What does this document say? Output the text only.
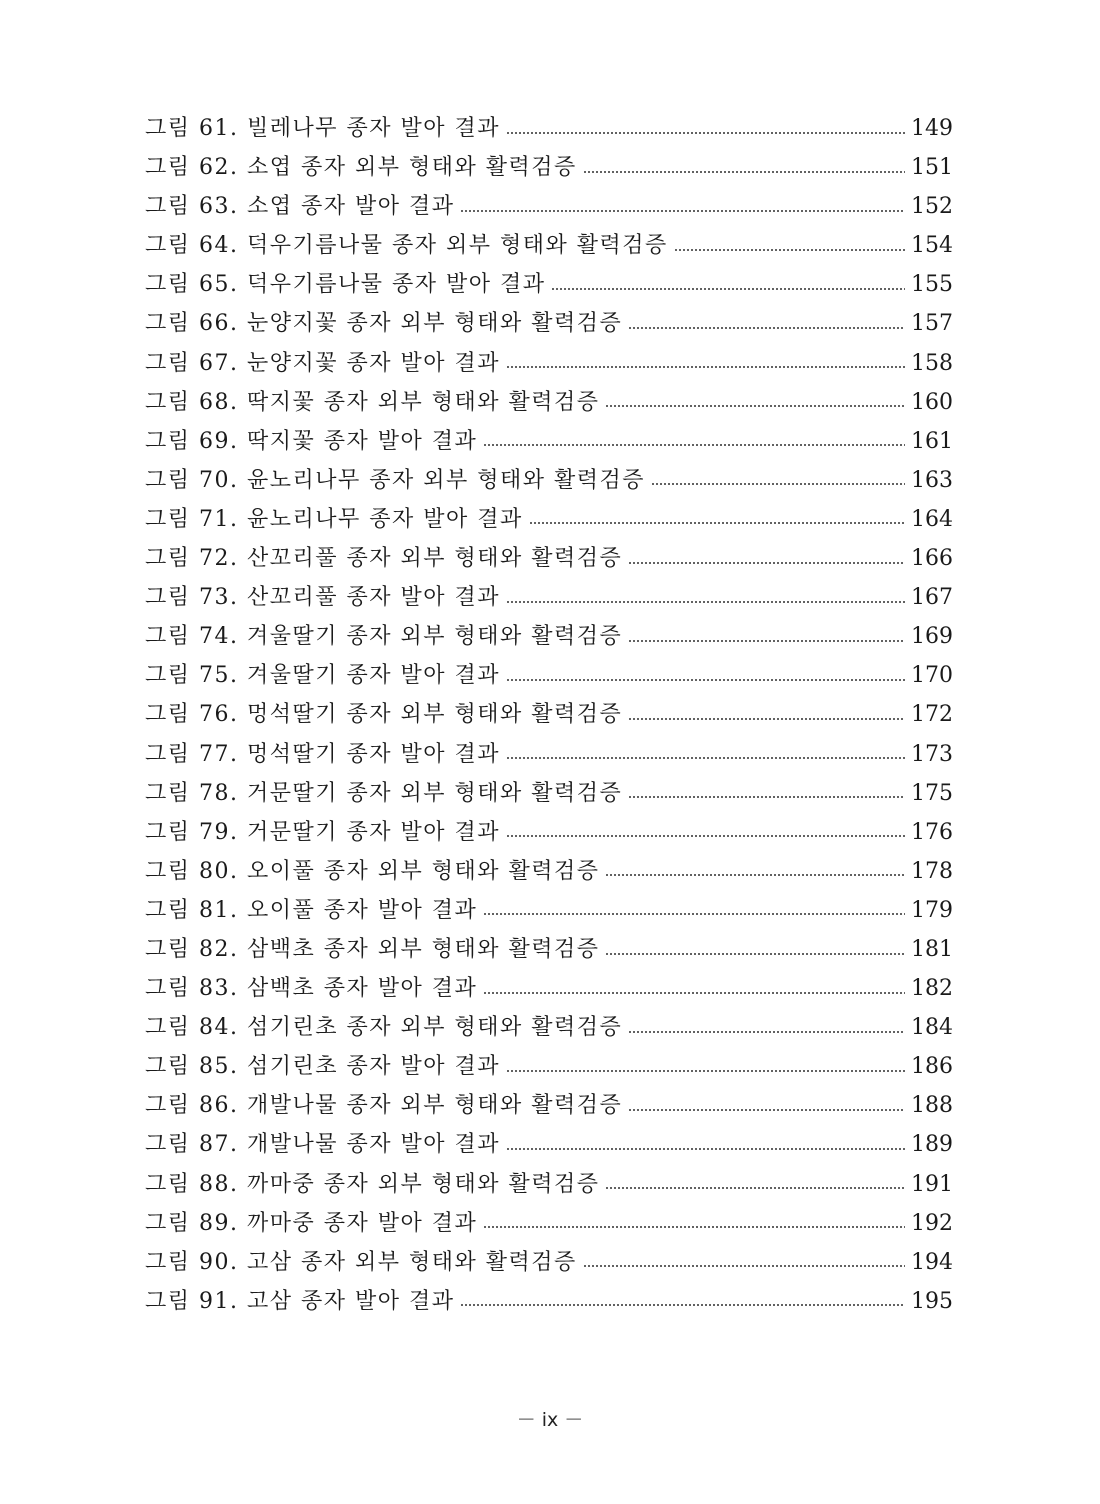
그림 61. 빌레나무 종자 발아 결과	149
그림 62. 소엽 종자 외부 형태와 활력검증	151
그림 63. 소엽 종자 발아 결과	152
그림 64. 덕우기름나물 종자 외부 형태와 활력검증	154
그림 65. 덕우기름나물 종자 발아 결과	155
그림 66. 눈양지꽃 종자 외부 형태와 활력검증	157
그림 67. 눈양지꽃 종자 발아 결과	158
그림 68. 딱지꽃 종자 외부 형태와 활력검증	160
그림 69. 딱지꽃 종자 발아 결과	161
그림 70. 윤노리나무 종자 외부 형태와 활력검증	163
그림 71. 윤노리나무 종자 발아 결과	164
그림 72. 산꼬리풀 종자 외부 형태와 활력검증	166
그림 73. 산꼬리풀 종자 발아 결과	167
그림 74. 겨울딸기 종자 외부 형태와 활력검증	169
그림 75. 겨울딸기 종자 발아 결과	170
그림 76. 멍석딸기 종자 외부 형태와 활력검증	172
그림 77. 멍석딸기 종자 발아 결과	173
그림 78. 거문딸기 종자 외부 형태와 활력검증	175
그림 79. 거문딸기 종자 발아 결과	176
그림 80. 오이풀 종자 외부 형태와 활력검증	178
그림 81. 오이풀 종자 발아 결과	179
그림 82. 삼백초 종자 외부 형태와 활력검증	181
그림 83. 삼백초 종자 발아 결과	182
그림 84. 섬기린초 종자 외부 형태와 활력검증	184
그림 85. 섬기린초 종자 발아 결과	186
그림 86. 개발나물 종자 외부 형태와 활력검증	188
그림 87. 개발나물 종자 발아 결과	189
그림 88. 까마중 종자 외부 형태와 활력검증	191
그림 89. 까마중 종자 발아 결과	192
그림 90. 고삼 종자 외부 형태와 활력검증	194
그림 91. 고삼 종자 발아 결과	195
－ ix －
